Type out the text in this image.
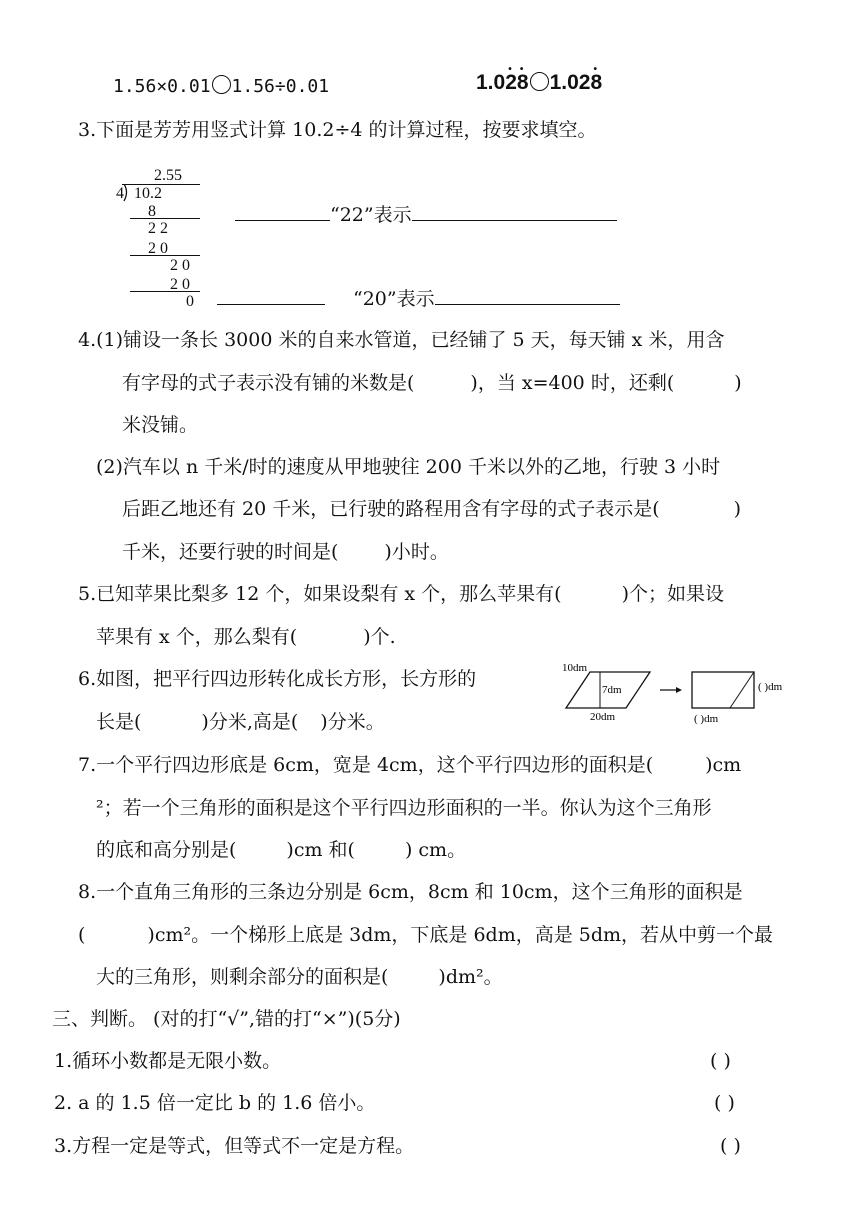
1.56×0.01 1.56÷0.01	1.0• 2• 8 1.02• 8
3.下面是芳芳用竖式计算 10.2÷4 的计算过程，按要求填空。
2.55
4 10.2
8
2 2
2 0
2 0
2 0
0
“22”表示
“20”表示
4.(1)铺设一条长 3000 米的自来水管道，已经铺了 5 天，每天铺 x 米，用含
有字母的式子表示没有铺的米数是(	)，当 x=400 时，还剩(	)
米没铺。
(2)汽车以 n 千米/时的速度从甲地驶往 200 千米以外的乙地，行驶 3 小时
后距乙地还有 20 千米，已行驶的路程用含有字母的式子表示是(	)
千米，还要行驶的时间是( )小时。
5.已知苹果比梨多 12 个，如果设梨有 x 个，那么苹果有(	)个；如果设
苹果有 x 个，那么梨有(	)个.
6.如图，把平行四边形转化成长方形，长方形的
长是(	)分米,高是( )分米。
10dm
7dm
20dm
( )dm
( )dm
7.一个平行四边形底是 6cm，宽是 4cm，这个平行四边形的面积是(	)cm
²；若一个三角形的面积是这个平行四边形面积的一半。你认为这个三角形
的底和高分别是(	)cm 和(	) cm。
8.一个直角三角形的三条边分别是 6cm，8cm 和 10cm，这个三角形的面积是
(	)cm²。一个梯形上底是 3dm，下底是 6dm，高是 5dm，若从中剪一个最
大的三角形，则剩余部分的面积是(	)dm²。
三、判断。 (对的打“√”,错的打“×”)(5分)
1.循环小数都是无限小数。	( )
2. a 的 1.5 倍一定比 b 的 1.6 倍小。	( )
3.方程一定是等式，但等式不一定是方程。	( )
